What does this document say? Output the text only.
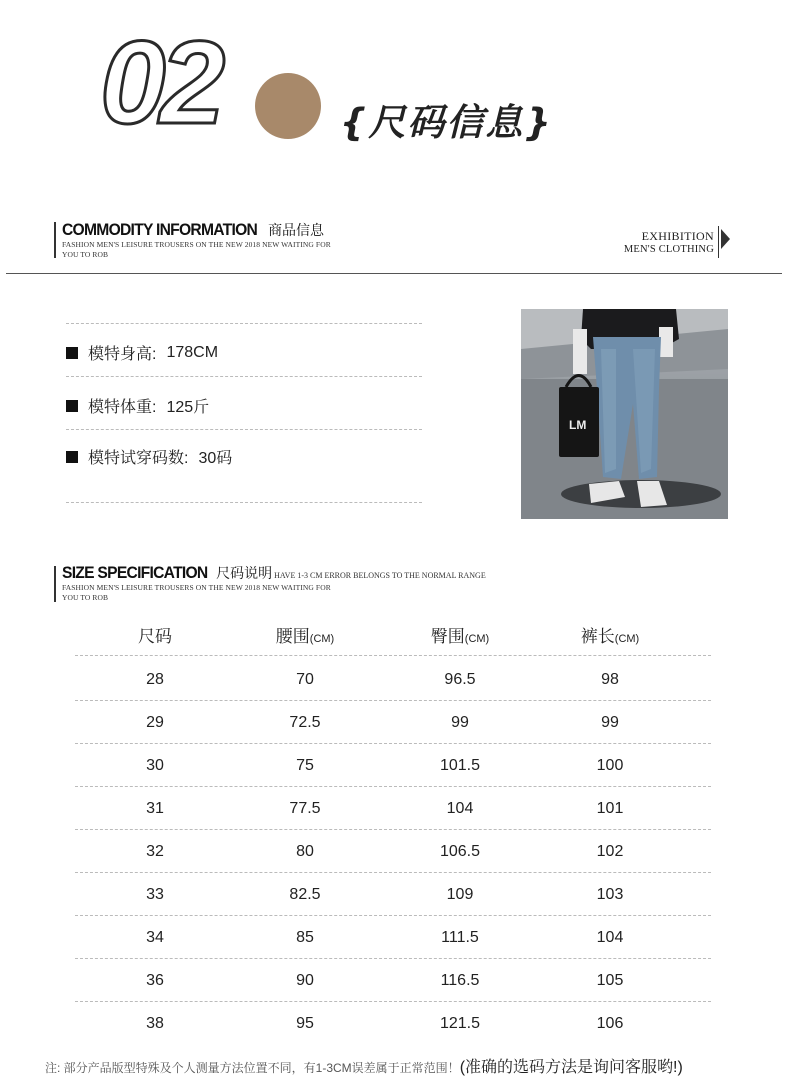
02	{尺码信息}
COMMODITY INFORMATION 商品信息
FASHION MEN'S LEISURE TROUSERS ON THE NEW 2018 NEW WAITING FOR
YOU TO ROB
EXHIBITION
MEN'S CLOTHING
模特身高: 178CM
模特体重: 125斤
模特试穿码数: 30码
LM
SIZE SPECIFICATION 尺码说明 HAVE 1-3 CM ERROR BELONGS TO THE NORMAL RANGE
FASHION MEN'S LEISURE TROUSERS ON THE NEW 2018 NEW WAITING FOR
YOU TO ROB
尺码	腰围(CM)	臀围(CM)	裤长(CM)
28	70	96.5	98
29	72.5	99	99
30	75	101.5	100
31	77.5	104	101
32	80	106.5	102
33	82.5	109	103
34	85	111.5	104
36	90	116.5	105
38	95	121.5	106
注: 部分产品版型特殊及个人测量方法位置不同，有1-3CM误差属于正常范围！(准确的选码方法是询问客服哟!)
